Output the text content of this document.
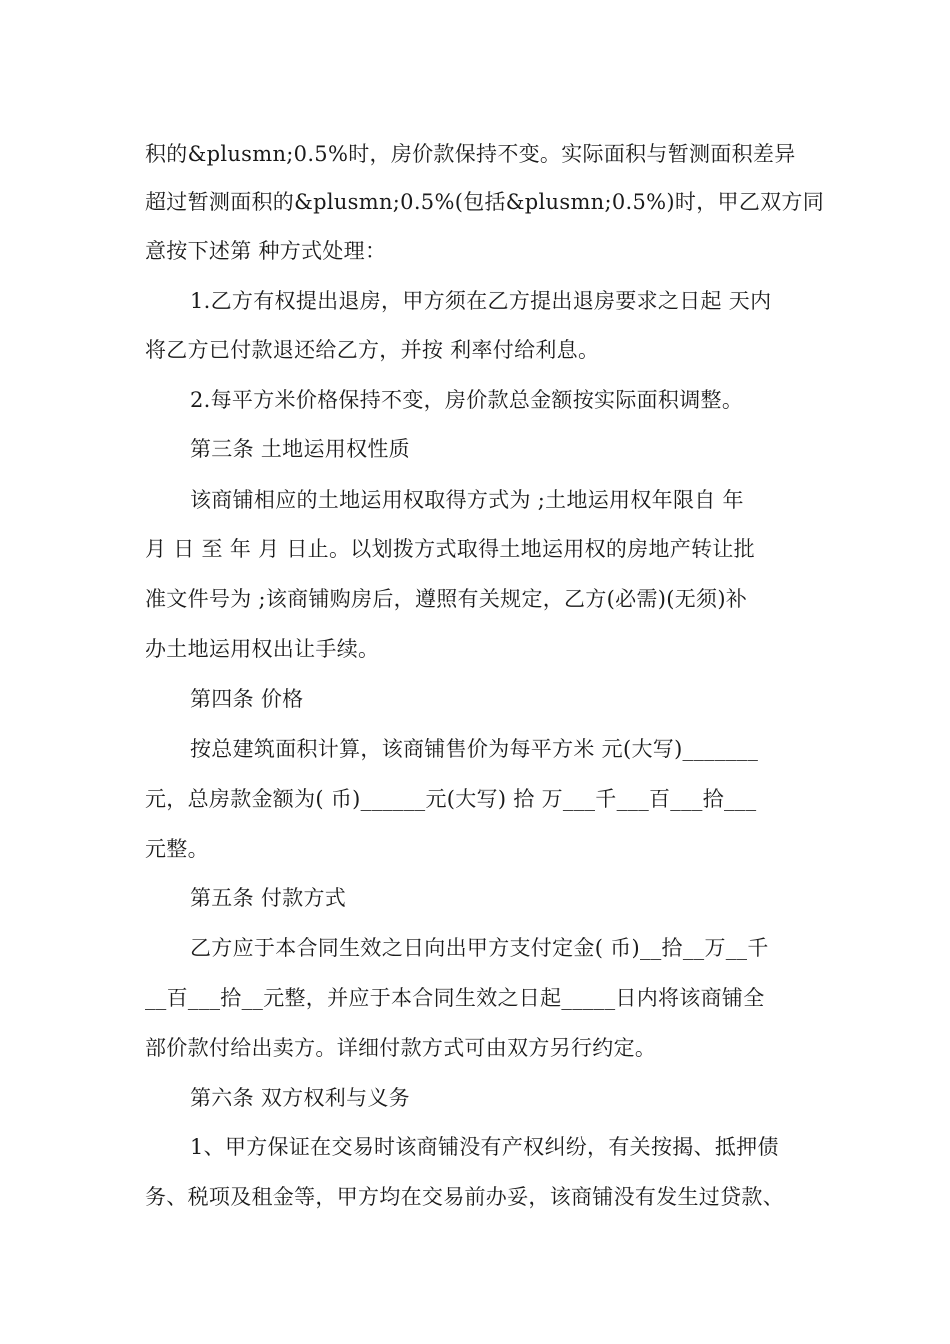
积的&plusmn;0.5%时，房价款保持不变。实际面积与暂测面积差异
超过暂测面积的&plusmn;0.5%(包括&plusmn;0.5%)时，甲乙双方同
意按下述第 种方式处理：
1.乙方有权提出退房，甲方须在乙方提出退房要求之日起 天内
将乙方已付款退还给乙方，并按 利率付给利息。
2.每平方米价格保持不变，房价款总金额按实际面积调整。
第三条 土地运用权性质
该商铺相应的土地运用权取得方式为 ;土地运用权年限自 年
月 日 至 年 月 日止。以划拨方式取得土地运用权的房地产转让批
准文件号为 ;该商铺购房后，遵照有关规定，乙方(必需)(无须)补
办土地运用权出让手续。
第四条 价格
按总建筑面积计算，该商铺售价为每平方米 元(大写)_______
元，总房款金额为( 币)______元(大写) 拾 万___千___百___拾___
元整。
第五条 付款方式
乙方应于本合同生效之日向出甲方支付定金( 币)__拾__万__千
__百___拾__元整，并应于本合同生效之日起_____日内将该商铺全
部价款付给出卖方。详细付款方式可由双方另行约定。
第六条 双方权利与义务
1、甲方保证在交易时该商铺没有产权纠纷，有关按揭、抵押债
务、税项及租金等，甲方均在交易前办妥，该商铺没有发生过贷款、
